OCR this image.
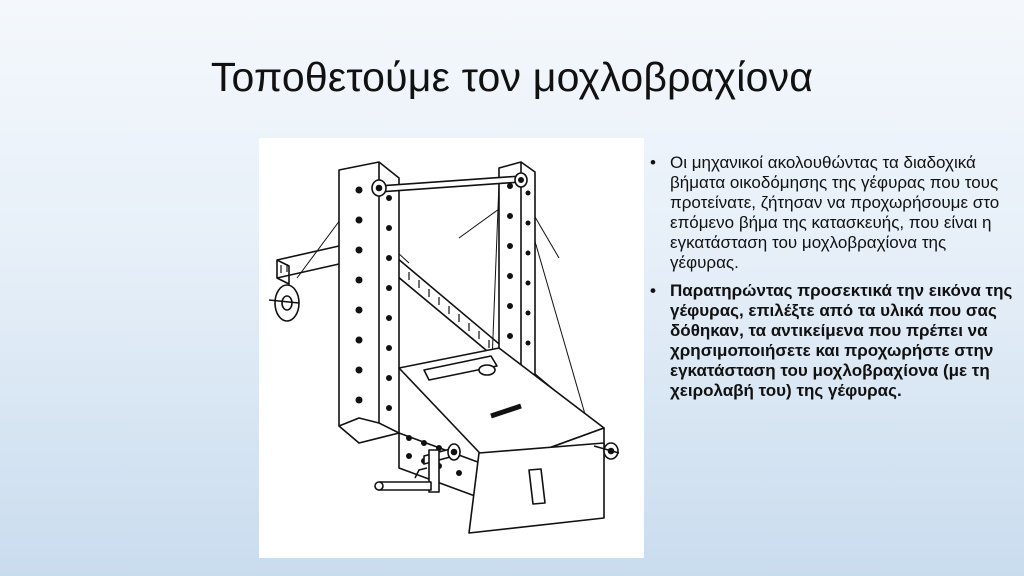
Τοποθετούμε τον μοχλοβραχίονα
• Οι μηχανικοί ακολουθώντας τα διαδοχικά βήματα οικοδόμησης της γέφυρας που τους προτείνατε, ζήτησαν να προχωρήσουμε στο επόμενο βήμα της κατασκευής, που είναι η εγκατάσταση του μοχλοβραχίονα της γέφυρας.
• Παρατηρώντας προσεκτικά την εικόνα της γέφυρας, επιλέξτε από τα υλικά που σας δόθηκαν, τα αντικείμενα που πρέπει να χρησιμοποιήσετε και προχωρήστε στην εγκατάσταση του μοχλοβραχίονα (με τη χειρολαβή του) της γέφυρας.
